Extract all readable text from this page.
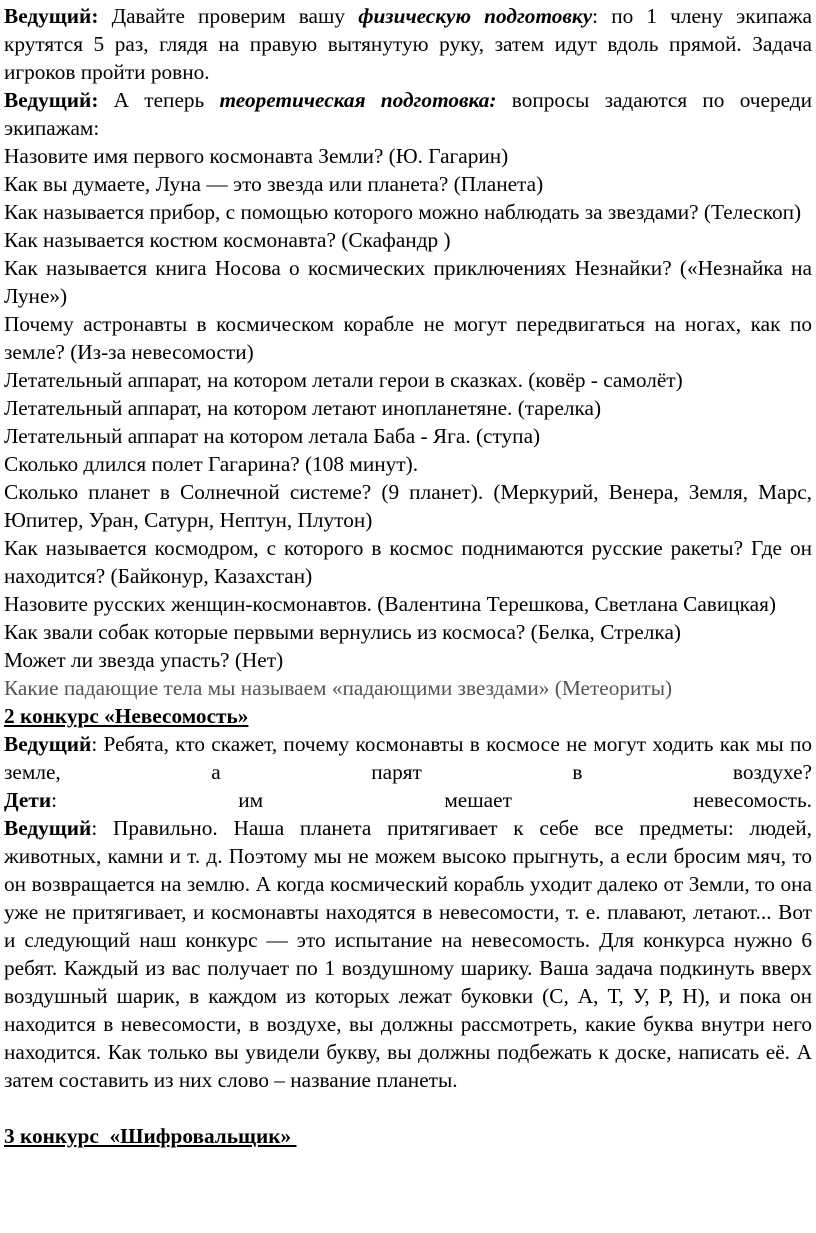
Ведущий: Давайте проверим вашу физическую подготовку: по 1 члену экипажа крутятся 5 раз, глядя на правую вытянутую руку, затем идут вдоль прямой. Задача игроков пройти ровно.

Ведущий: А теперь теоретическая подготовка: вопросы задаются по очереди экипажам:

Назовите имя первого космонавта Земли? (Ю. Гагарин)

Как вы думаете, Луна — это звезда или планета? (Планета)

Как называется прибор, с помощью которого можно наблюдать за звездами? (Телескоп)

Как называется костюм космонавта? (Скафандр )

Как называется книга Носова о космических приключениях Незнайки? («Незнайка на Луне»)

Почему астронавты в космическом корабле не могут передвигаться на ногах, как по земле? (Из-за невесомости)

Летательный аппарат, на котором летали герои в сказках. (ковёр - самолёт)

Летательный аппарат, на котором летают инопланетяне. (тарелка)

Летательный аппарат на котором летала Баба - Яга. (ступа)

Сколько длился полет Гагарина? (108 минут).

Сколько планет в Солнечной системе? (9 планет). (Меркурий, Венера, Земля, Марс, Юпитер, Уран, Сатурн, Нептун, Плутон)

Как называется космодром, с которого в космос поднимаются русские ракеты? Где он находится? (Байконур, Казахстан)

Назовите русских женщин-космонавтов. (Валентина Терешкова, Светлана Савицкая)

Как звали собак которые первыми вернулись из космоса? (Белка, Стрелка)

Может ли звезда упасть? (Нет)

Какие падающие тела мы называем «падающими звездами» (Метеориты)

2 конкурс «Невесомость»

Ведущий: Ребята, кто скажет, почему космонавты в космосе не могут ходить как мы по земле, а парят в воздухе?

Дети: им мешает невесомость.

Ведущий: Правильно. Наша планета притягивает к себе все предметы: людей, животных, камни и т. д. Поэтому мы не можем высоко прыгнуть, а если бросим мяч, то он возвращается на землю. А когда космический корабль уходит далеко от Земли, то она уже не притягивает, и космонавты находятся в невесомости, т. е. плавают, летают... Вот и следующий наш конкурс — это испытание на невесомость. Для конкурса нужно 6 ребят. Каждый из вас получает по 1 воздушному шарику. Ваша задача подкинуть вверх воздушный шарик, в каждом из которых лежат буковки (С, А, Т, У, Р, Н), и пока он находится в невесомости, в воздухе, вы должны рассмотреть, какие буква внутри него находится. Как только вы увидели букву, вы должны подбежать к доске, написать её. А затем составить из них слово – название планеты.

3 конкурс  «Шифровальщик»
